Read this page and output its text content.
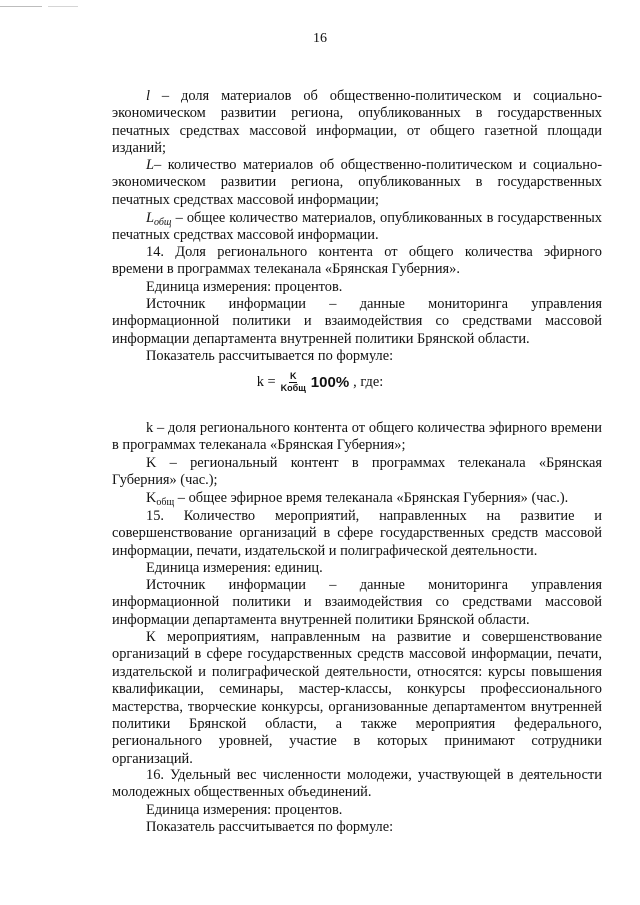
16
l – доля материалов об общественно-политическом и социально-экономическом развитии региона, опубликованных в государственных печатных средствах массовой информации, от общего газетной площади изданий;
L– количество материалов об общественно-политическом и социально-экономическом развитии региона, опубликованных в государственных печатных средствах массовой информации;
$L_{общ}$ – общее количество материалов, опубликованных в государственных печатных средствах массовой информации.
14. Доля регионального контента от общего количества эфирного времени в программах телеканала «Брянская Губерния».
Единица измерения: процентов.
Источник информации – данные мониторинга управления информационной политики и взаимодействия со средствами массовой информации департамента внутренней политики Брянской области.
Показатель рассчитывается по формуле:
$k = \frac{K}{\text{Kобщ}} 100\%$ , где:
k – доля регионального контента от общего количества эфирного времени в программах телеканала «Брянская Губерния»;
K – региональный контент в программах телеканала «Брянская Губерния» (час.);
$K_{общ}$ – общее эфирное время телеканала «Брянская Губерния» (час.).
15. Количество мероприятий, направленных на развитие и совершенствование организаций в сфере государственных средств массовой информации, печати, издательской и полиграфической деятельности.
Единица измерения: единиц.
Источник информации – данные мониторинга управления информационной политики и взаимодействия со средствами массовой информации департамента внутренней политики Брянской области.
К мероприятиям, направленным на развитие и совершенствование организаций в сфере государственных средств массовой информации, печати, издательской и полиграфической деятельности, относятся: курсы повышения квалификации, семинары, мастер-классы, конкурсы профессионального мастерства, творческие конкурсы, организованные департаментом внутренней политики Брянской области, а также мероприятия федерального, регионального уровней, участие в которых принимают сотрудники организаций.
16. Удельный вес численности молодежи, участвующей в деятельности молодежных общественных объединений.
Единица измерения: процентов.
Показатель рассчитывается по формуле:
